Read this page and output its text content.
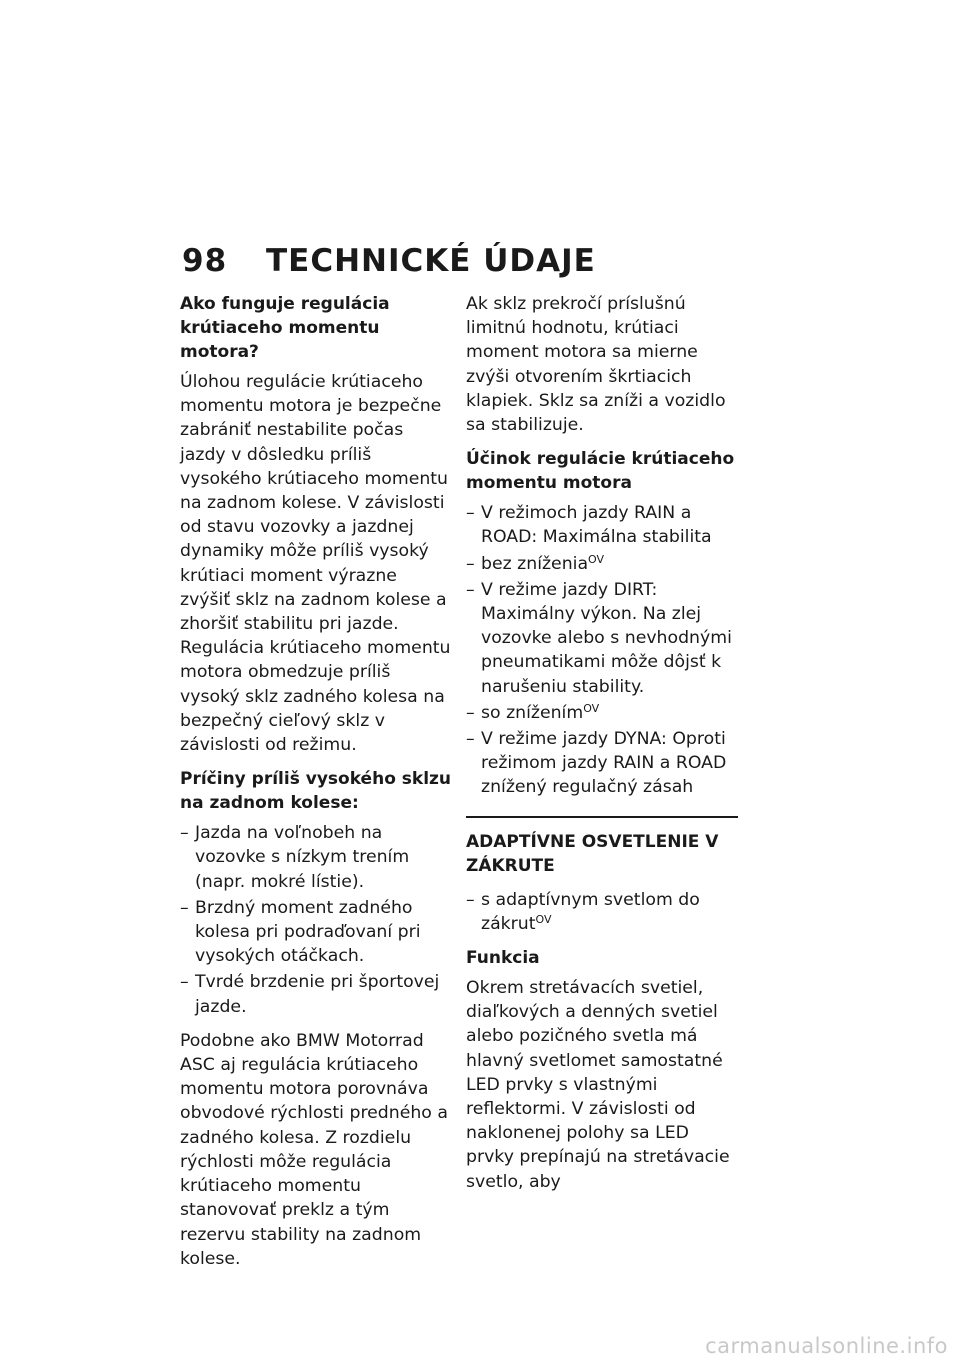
98 TECHNICKÉ ÚDAJE
Ako funguje regulácia krútiaceho momentu motora?

Úlohou regulácie krútiaceho momentu motora je bezpečne zabrániť nestabilite počas jazdy v dôsledku príliš vysokého krútiaceho momentu na zadnom kolese. V závislosti od stavu vozovky a jazdnej dynamiky môže príliš vysoký krútiaci moment výrazne zvýšiť sklz na zadnom kolese a zhoršiť stabilitu pri jazde. Regulácia krútiaceho momentu motora obmedzuje príliš vysoký sklz zadného kolesa na bezpečný cieľový sklz v závislosti od režimu.

Príčiny príliš vysokého sklzu na zadnom kolese:
– Jazda na voľnobeh na vozovke s nízkym trením (napr. mokré lístie).
– Brzdný moment zadného kolesa pri podraďovaní pri vysokých otáčkach.
– Tvrdé brzdenie pri športovej jazde.

Podobne ako BMW Motorrad ASC aj regulácia krútiaceho momentu motora porovnáva obvodové rýchlosti predného a zadného kolesa. Z rozdielu rýchlosti môže regulácia krútiaceho momentu stanovovať preklz a tým rezervu stability na zadnom kolese.

Ak sklz prekročí príslušnú limitnú hodnotu, krútiaci moment motora sa mierne zvýši otvorením škrtiacich klapiek. Sklz sa zníži a vozidlo sa stabilizuje.

Účinok regulácie krútiaceho momentu motora
– V režimoch jazdy RAIN a ROAD: Maximálna stabilita
– bez zníženia$^{OV}$
– V režime jazdy DIRT: Maximálny výkon. Na zlej vozovke alebo s nevhodnými pneumatikami môže dôjsť k narušeniu stability.
– so znížením$^{OV}$
– V režime jazdy DYNA: Oproti režimom jazdy RAIN a ROAD znížený regulačný zásah
ADAPTÍVNE OSVETLENIE V ZÁKRUTE
– s adaptívnym svetlom do zákrut$^{OV}$
Funkcia

Okrem stretávacích svetiel, diaľkových a denných svetiel alebo pozičného svetla má hlavný svetlomet samostatné LED prvky s vlastnými reflektormi. V závislosti od naklonenej polohy sa LED prvky prepínajú na stretávacie svetlo, aby

carmanualsonline.info
